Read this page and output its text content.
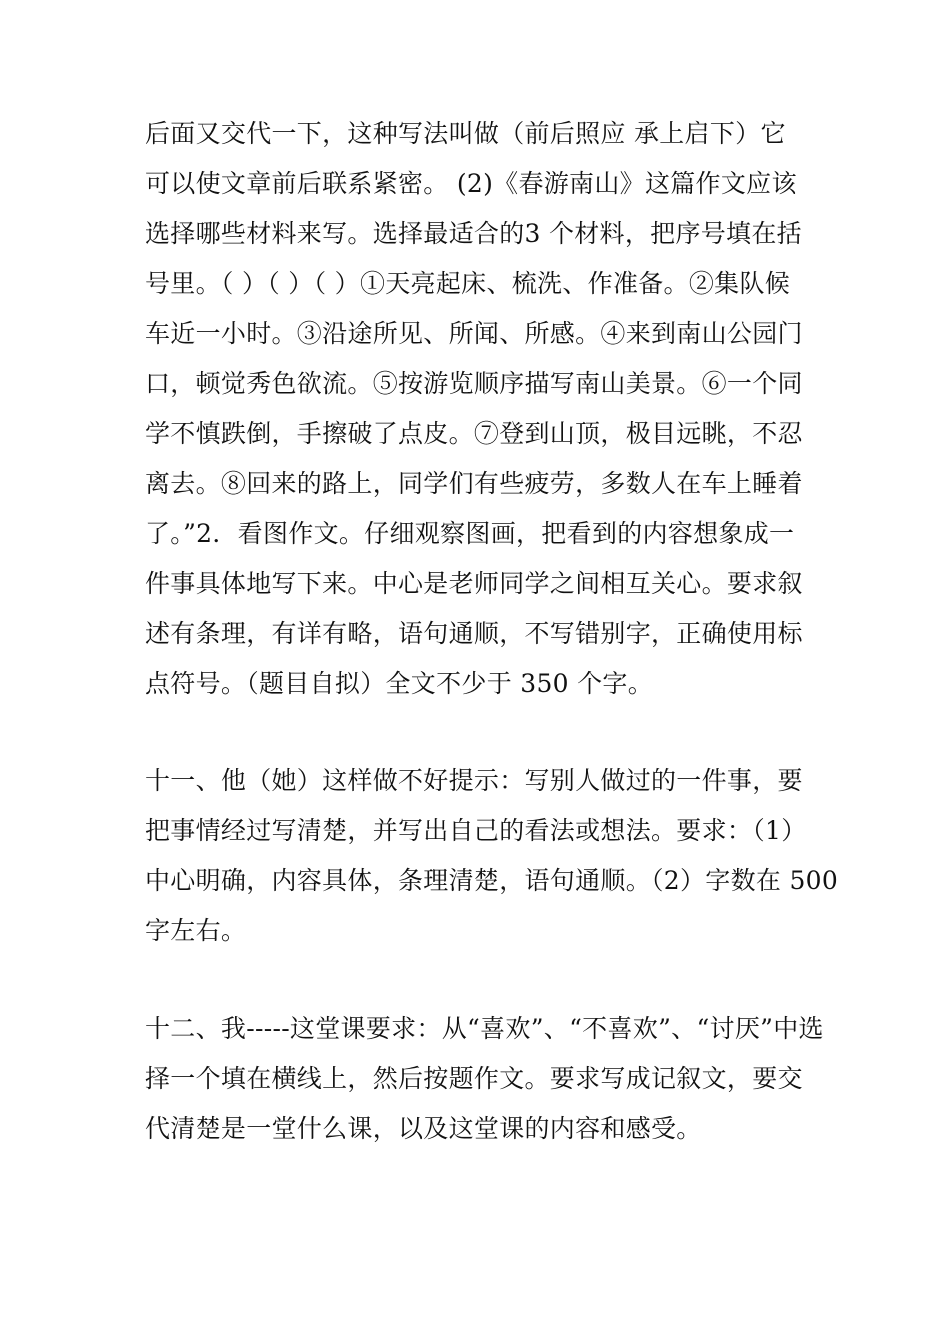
后面又交代一下，这种写法叫做（前后照应 承上启下）它
可以使文章前后联系紧密。 (2)《春游南山》这篇作文应该
选择哪些材料来写。选择最适合的3 个材料，把序号填在括
号里。（ ）（ ）（ ）①天亮起床、梳洗、作准备。②集队候
车近一小时。③沿途所见、所闻、所感。④来到南山公园门
口，顿觉秀色欲流。⑤按游览顺序描写南山美景。⑥一个同
学不慎跌倒，手擦破了点皮。⑦登到山顶，极目远眺，不忍
离去。⑧回来的路上，同学们有些疲劳，多数人在车上睡着
了。”2．看图作文。仔细观察图画，把看到的内容想象成一
件事具体地写下来。中心是老师同学之间相互关心。要求叙
述有条理，有详有略，语句通顺，不写错别字，正确使用标
点符号。（题目自拟）全文不少于 350 个字。
十一、他（她）这样做不好提示：写别人做过的一件事，要
把事情经过写清楚，并写出自己的看法或想法。要求：（1）
中心明确，内容具体，条理清楚，语句通顺。（2）字数在 500
字左右。
十二、我-----这堂课要求：从“喜欢”、“不喜欢”、“讨厌”中选
择一个填在横线上，然后按题作文。要求写成记叙文，要交
代清楚是一堂什么课，以及这堂课的内容和感受。
